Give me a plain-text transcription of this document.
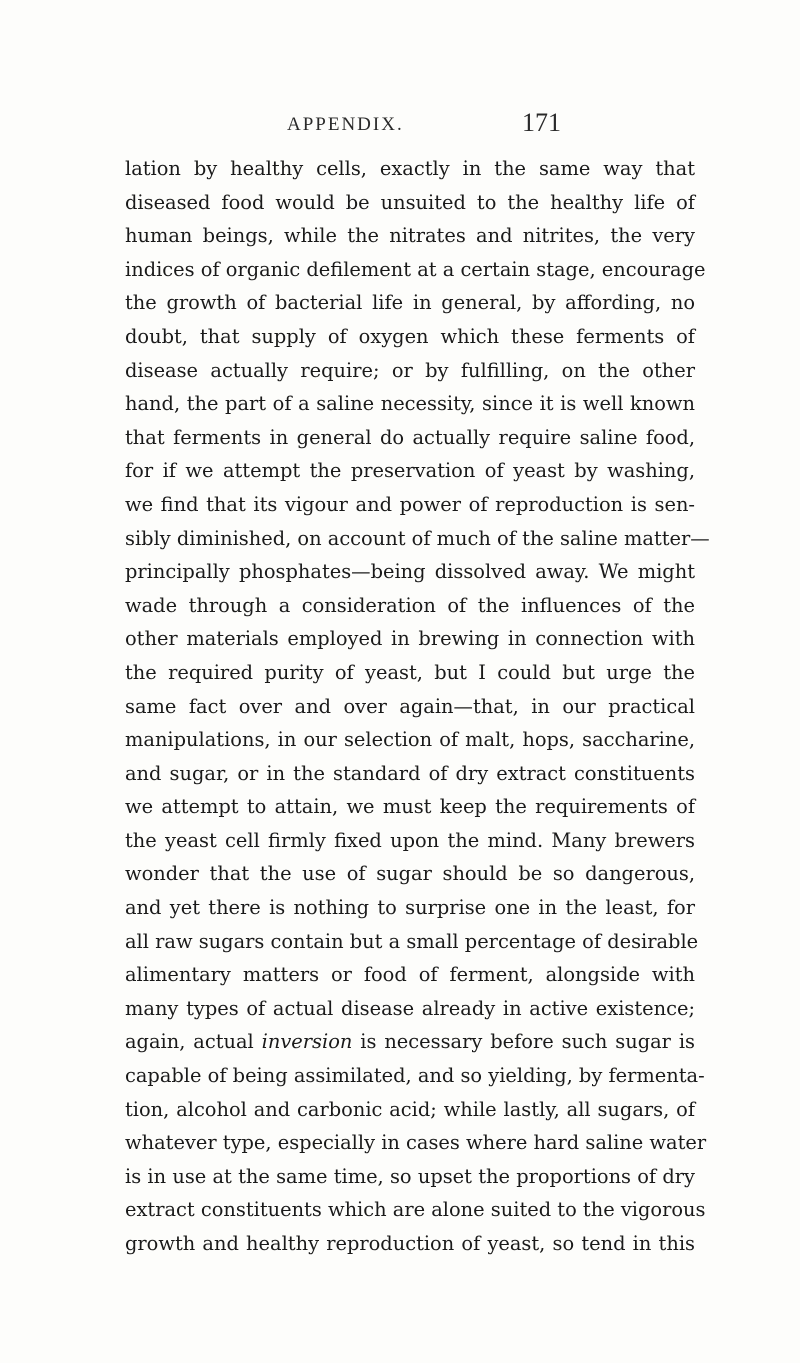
APPENDIX.	171
lation by healthy cells, exactly in the same way that
diseased food would be unsuited to the healthy life of
human beings, while the nitrates and nitrites, the very
indices of organic defilement at a certain stage, encourage
the growth of bacterial life in general, by affording, no
doubt, that supply of oxygen which these ferments of
disease actually require; or by fulfilling, on the other
hand, the part of a saline necessity, since it is well known
that ferments in general do actually require saline food,
for if we attempt the preservation of yeast by washing,
we find that its vigour and power of reproduction is sen-
sibly diminished, on account of much of the saline matter—
principally phosphates—being dissolved away. We might
wade through a consideration of the influences of the
other materials employed in brewing in connection with
the required purity of yeast, but I could but urge the
same fact over and over again—that, in our practical
manipulations, in our selection of malt, hops, saccharine,
and sugar, or in the standard of dry extract constituents
we attempt to attain, we must keep the requirements of
the yeast cell firmly fixed upon the mind. Many brewers
wonder that the use of sugar should be so dangerous,
and yet there is nothing to surprise one in the least, for
all raw sugars contain but a small percentage of desirable
alimentary matters or food of ferment, alongside with
many types of actual disease already in active existence;
again, actual inversion is necessary before such sugar is
capable of being assimilated, and so yielding, by fermenta-
tion, alcohol and carbonic acid; while lastly, all sugars, of
whatever type, especially in cases where hard saline water
is in use at the same time, so upset the proportions of dry
extract constituents which are alone suited to the vigorous
growth and healthy reproduction of yeast, so tend in this
